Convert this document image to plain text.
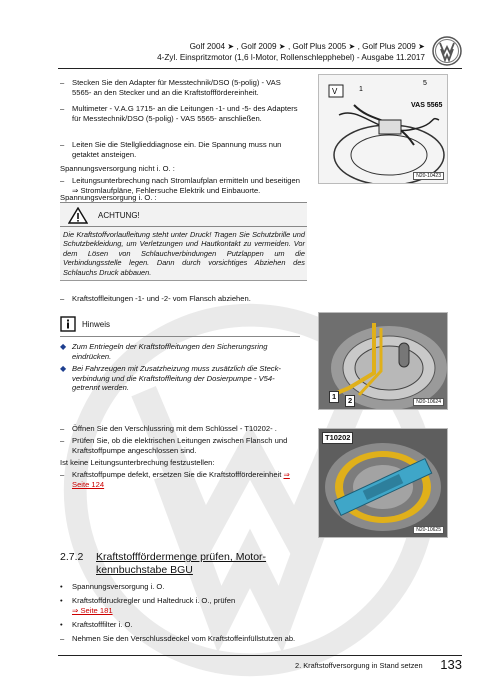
Golf 2004 ➤ , Golf 2009 ➤ , Golf Plus 2005 ➤ , Golf Plus 2009 ➤
4-Zyl. Einspritzmotor (1,6 l-Motor, Rollenschlepphebel) - Ausgabe 11.2017
– Stecken Sie den Adapter für Messtechnik/DSO (5-polig) - VAS 5565- an den Stecker und an die Kraftstofffördereinheit.
– Multimeter - V.A.G 1715- an die Leitungen -1- und -5- des Adapters für Messtechnik/DSO (5-polig) - VAS 5565- anschließen.
– Leiten Sie die Stellglieddiagnose ein. Die Spannung muss nun getaktet ansteigen.
Spannungsversorgung nicht i. O. :
– Leitungsunterbrechung nach Stromlaufplan ermitteln und beseitigen ⇒ Stromlaufpläne, Fehlersuche Elektrik und Einbauorte.
Spannungsversorgung i. O. :
V	1
5
VAS 5565
N20-10423
ACHTUNG!
Die Kraftstoffvorlaufleitung steht unter Druck! Tragen Sie Schutzbrille und Schutzbekleidung, um Verletzungen und Hautkontakt zu vermeiden. Vor dem Lösen von Schlauchverbindungen Putzlappen um die Verbindungsstelle legen. Dann durch vorsichtiges Abziehen des Schlauchs Druck abbauen.
– Kraftstoffleitungen -1- und -2- vom Flansch abziehen.
Hinweis
◆ Zum Entriegeln der Kraftstoffleitungen den Sicherungsring eindrücken.
◆ Bei Fahrzeugen mit Zusatzheizung muss zusätzlich die Steckverbindung und die Kraftstoffleitung der Dosierpumpe - V54- getrennt werden.
1	2	N20-10624
– Öffnen Sie den Verschlussring mit dem Schlüssel - T10202- .
– Prüfen Sie, ob die elektrischen Leitungen zwischen Flansch und Kraftstoffpumpe angeschlossen sind.
Ist keine Leitungsunterbrechung festzustellen:
– Kraftstoffpumpe defekt, ersetzen Sie die Kraftstofffördereinheit ⇒ Seite 124
T10202
N20-10625
2.7.2 Kraftstofffördermenge prüfen, Motorkennbuchstabe BGU
• Spannungsversorgung i. O.
• Kraftstoffdruckregler und Haltedruck i. O., prüfen
⇒ Seite 181
• Kraftstofffilter i. O.
– Nehmen Sie den Verschlussdeckel vom Kraftstoffeinfüllstutzen ab.
2. Kraftstoffversorgung in Stand setzen 133
